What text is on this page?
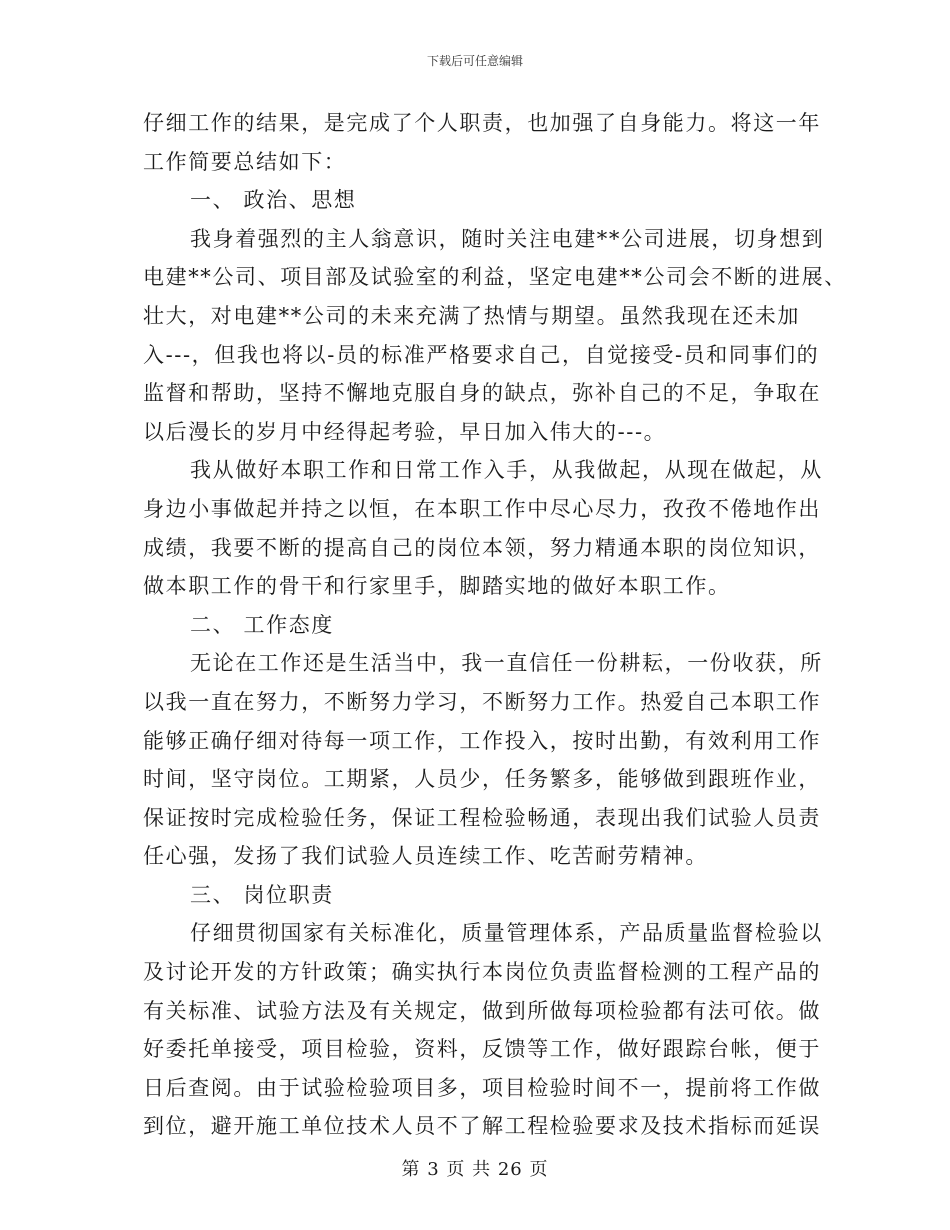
下载后可任意编辑
仔细工作的结果，是完成了个人职责，也加强了自身能力。将这一年
工作简要总结如下：
一、 政治、思想
我身着强烈的主人翁意识，随时关注电建**公司进展，切身想到
电建**公司、项目部及试验室的利益，坚定电建**公司会不断的进展、
壮大，对电建**公司的未来充满了热情与期望。虽然我现在还未加
入---，但我也将以-员的标准严格要求自己，自觉接受-员和同事们的
监督和帮助，坚持不懈地克服自身的缺点，弥补自己的不足，争取在
以后漫长的岁月中经得起考验，早日加入伟大的---。
我从做好本职工作和日常工作入手，从我做起，从现在做起，从
身边小事做起并持之以恒，在本职工作中尽心尽力，孜孜不倦地作出
成绩，我要不断的提高自己的岗位本领，努力精通本职的岗位知识，
做本职工作的骨干和行家里手，脚踏实地的做好本职工作。
二、 工作态度
无论在工作还是生活当中，我一直信任一份耕耘，一份收获，所
以我一直在努力，不断努力学习，不断努力工作。热爱自己本职工作
能够正确仔细对待每一项工作，工作投入，按时出勤，有效利用工作
时间，坚守岗位。工期紧，人员少，任务繁多，能够做到跟班作业，
保证按时完成检验任务，保证工程检验畅通，表现出我们试验人员责
任心强，发扬了我们试验人员连续工作、吃苦耐劳精神。
三、 岗位职责
仔细贯彻国家有关标准化，质量管理体系，产品质量监督检验以
及讨论开发的方针政策；确实执行本岗位负责监督检测的工程产品的
有关标准、试验方法及有关规定，做到所做每项检验都有法可依。做
好委托单接受，项目检验，资料，反馈等工作，做好跟踪台帐，便于
日后查阅。由于试验检验项目多，项目检验时间不一，提前将工作做
到位，避开施工单位技术人员不了解工程检验要求及技术指标而延误
第 3 页 共 26 页
